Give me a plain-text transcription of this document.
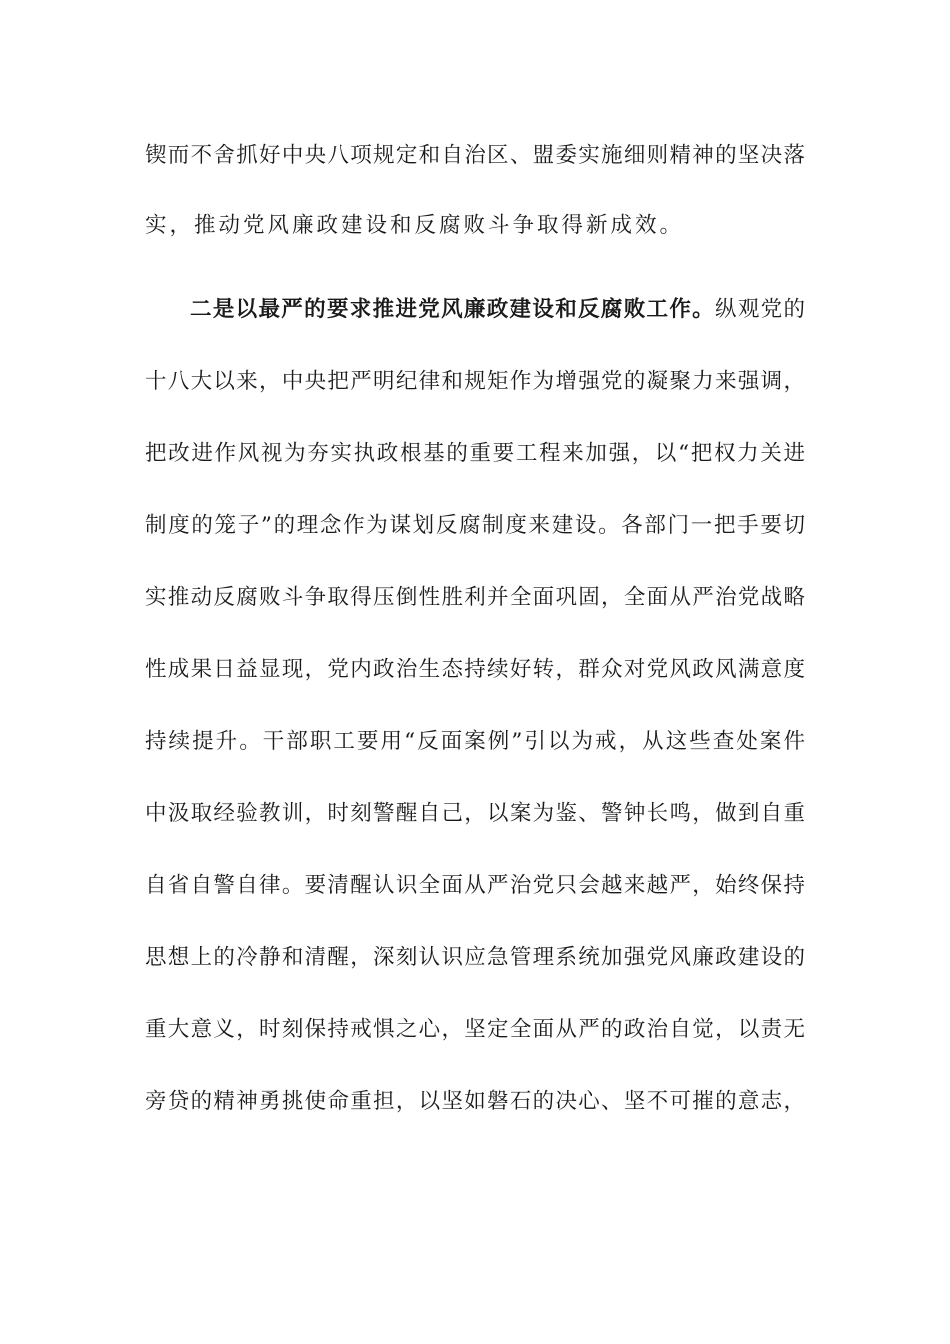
锲而不舍抓好中央八项规定和自治区、盟委实施细则精神的坚决落
实，推动党风廉政建设和反腐败斗争取得新成效。
二是以最严的要求推进党风廉政建设和反腐败工作。纵观党的
十八大以来，中央把严明纪律和规矩作为增强党的凝聚力来强调，
把改进作风视为夯实执政根基的重要工程来加强，以“把权力关进
制度的笼子”的理念作为谋划反腐制度来建设。各部门一把手要切
实推动反腐败斗争取得压倒性胜利并全面巩固，全面从严治党战略
性成果日益显现，党内政治生态持续好转，群众对党风政风满意度
持续提升。干部职工要用“反面案例”引以为戒，从这些查处案件
中汲取经验教训，时刻警醒自己，以案为鉴、警钟长鸣，做到自重
自省自警自律。要清醒认识全面从严治党只会越来越严，始终保持
思想上的冷静和清醒，深刻认识应急管理系统加强党风廉政建设的
重大意义，时刻保持戒惧之心，坚定全面从严的政治自觉，以责无
旁贷的精神勇挑使命重担，以坚如磐石的决心、坚不可摧的意志，
